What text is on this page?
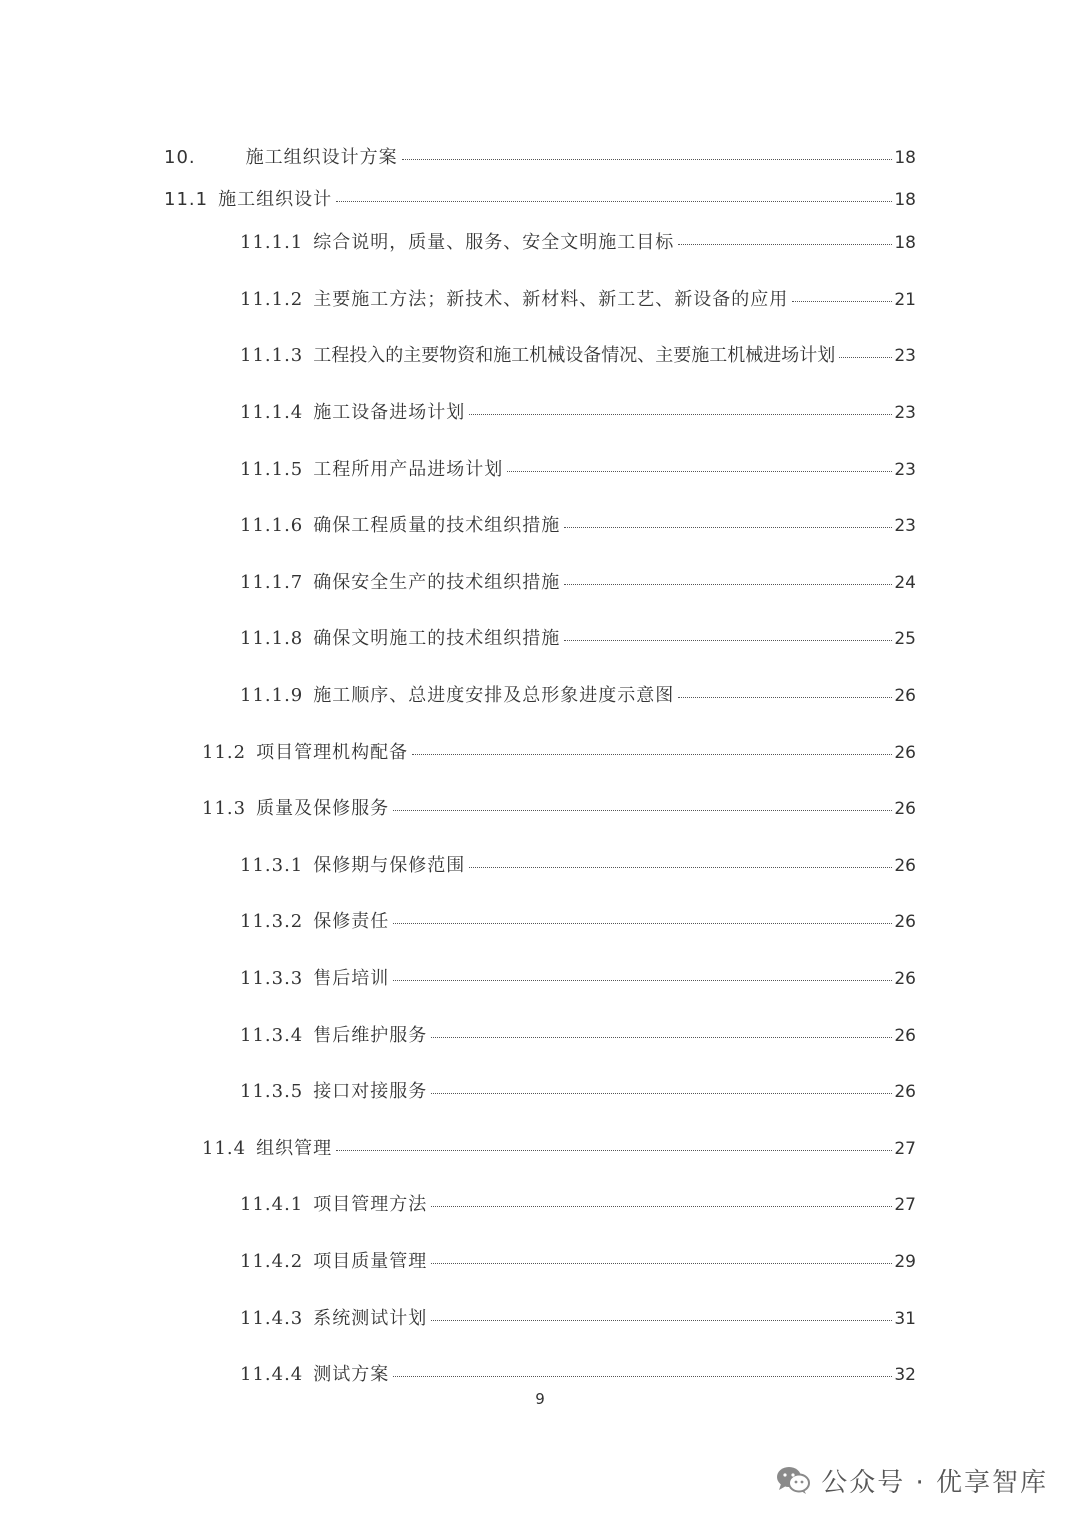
10.	施工组织设计方案	18
11.1 施工组织设计	18
11.1.1 综合说明，质量、服务、安全文明施工目标	18
11.1.2 主要施工方法；新技术、新材料、新工艺、新设备的应用	21
11.1.3 工程投入的主要物资和施工机械设备情况、主要施工机械进场计划	23
11.1.4 施工设备进场计划	23
11.1.5 工程所用产品进场计划	23
11.1.6 确保工程质量的技术组织措施	23
11.1.7 确保安全生产的技术组织措施	24
11.1.8 确保文明施工的技术组织措施	25
11.1.9 施工顺序、总进度安排及总形象进度示意图	26
11.2 项目管理机构配备	26
11.3 质量及保修服务	26
11.3.1 保修期与保修范围	26
11.3.2 保修责任	26
11.3.3 售后培训	26
11.3.4 售后维护服务	26
11.3.5 接口对接服务	26
11.4 组织管理	27
11.4.1 项目管理方法	27
11.4.2 项目质量管理	29
11.4.3 系统测试计划	31
11.4.4 测试方案	32
9
公众号 · 优享智库
